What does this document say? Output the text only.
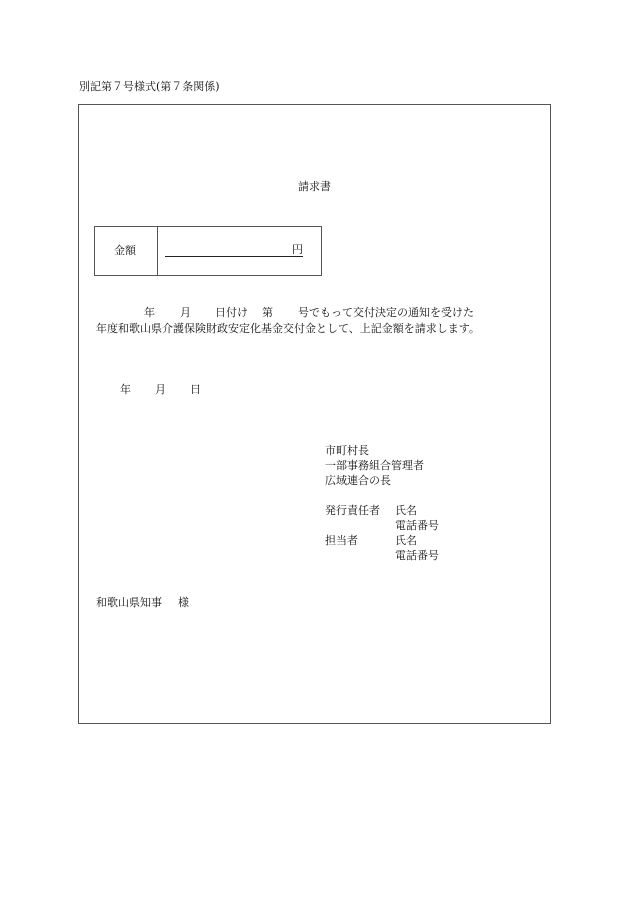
別記第７号様式(第７条関係)
請求書
金額	円
年 月 日付け 第 号でもって交付決定の通知を受けた
年度和歌山県介護保険財政安定化基金交付金として、上記金額を請求します。
年 月 日
市町村長
一部事務組合管理者
広域連合の長
発行責任者 氏名
電話番号
担当者	氏名
電話番号
和歌山県知事 様
